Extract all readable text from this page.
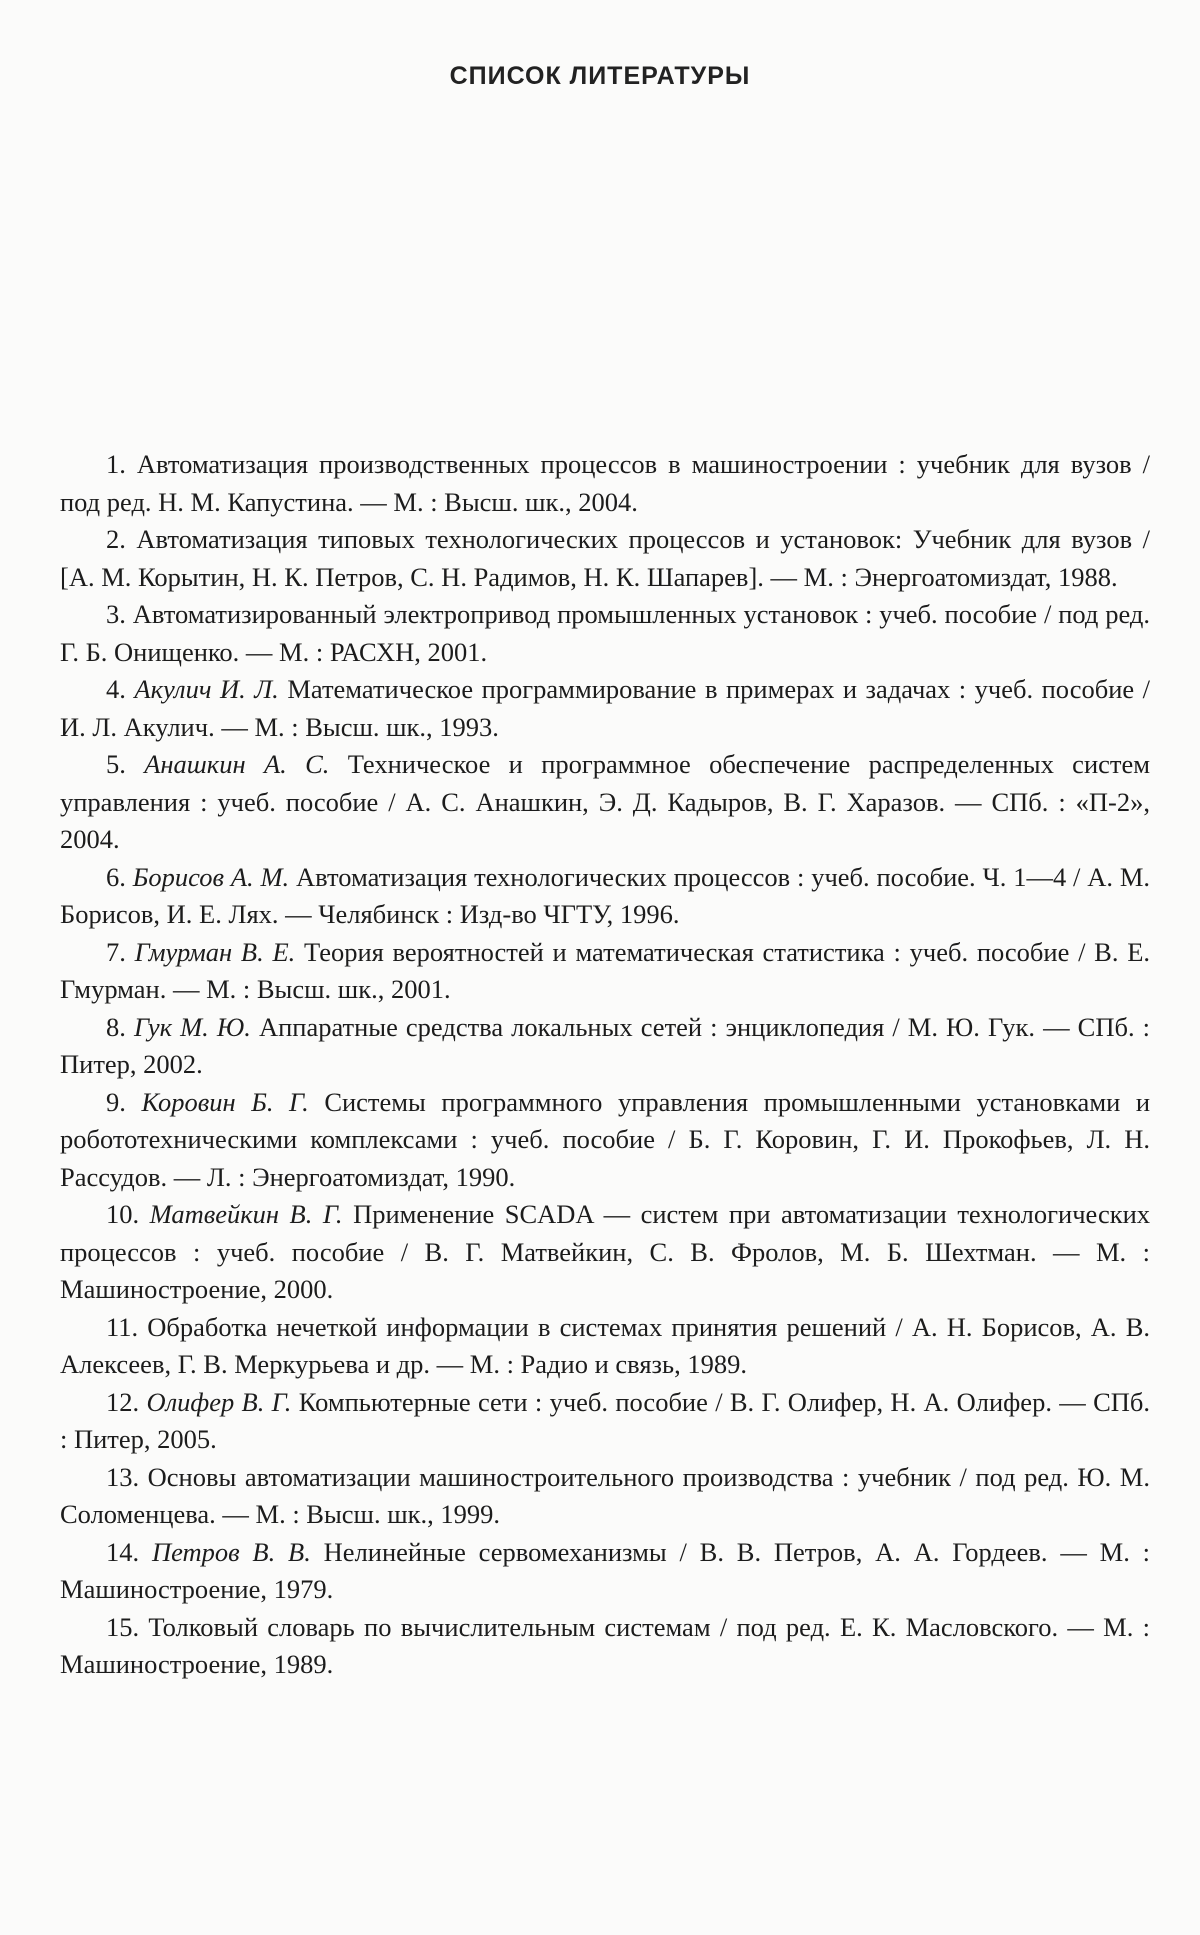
СПИСОК ЛИТЕРАТУРЫ
1. Автоматизация производственных процессов в машиностроении : учебник для вузов / под ред. Н. М. Капустина. — М. : Высш. шк., 2004.
2. Автоматизация типовых технологических процессов и установок: Учебник для вузов / [А. М. Корытин, Н. К. Петров, С. Н. Радимов, Н. К. Шапарев]. — М. : Энергоатомиздат, 1988.
3. Автоматизированный электропривод промышленных установок : учеб. пособие / под ред. Г. Б. Онищенко. — М. : РАСХН, 2001.
4. Акулич И. Л. Математическое программирование в примерах и задачах : учеб. пособие / И. Л. Акулич. — М. : Высш. шк., 1993.
5. Анашкин А. С. Техническое и программное обеспечение распределенных систем управления : учеб. пособие / А. С. Анашкин, Э. Д. Кадыров, В. Г. Харазов. — СПб. : «П-2», 2004.
6. Борисов А. М. Автоматизация технологических процессов : учеб. пособие. Ч. 1—4 / А. М. Борисов, И. Е. Лях. — Челябинск : Изд-во ЧГТУ, 1996.
7. Гмурман В. Е. Теория вероятностей и математическая статистика : учеб. пособие / В. Е. Гмурман. — М. : Высш. шк., 2001.
8. Гук М. Ю. Аппаратные средства локальных сетей : энциклопедия / М. Ю. Гук. — СПб. : Питер, 2002.
9. Коровин Б. Г. Системы программного управления промышленными установками и робототехническими комплексами : учеб. пособие / Б. Г. Коровин, Г. И. Прокофьев, Л. Н. Рассудов. — Л. : Энергоатомиздат, 1990.
10. Матвейкин В. Г. Применение SCADA — систем при автоматизации технологических процессов : учеб. пособие / В. Г. Матвейкин, С. В. Фролов, М. Б. Шехтман. — М. : Машиностроение, 2000.
11. Обработка нечеткой информации в системах принятия решений / А. Н. Борисов, А. В. Алексеев, Г. В. Меркурьева и др. — М. : Радио и связь, 1989.
12. Олифер В. Г. Компьютерные сети : учеб. пособие / В. Г. Олифер, Н. А. Олифер. — СПб. : Питер, 2005.
13. Основы автоматизации машиностроительного производства : учебник / под ред. Ю. М. Соломенцева. — М. : Высш. шк., 1999.
14. Петров В. В. Нелинейные сервомеханизмы / В. В. Петров, А. А. Гордеев. — М. : Машиностроение, 1979.
15. Толковый словарь по вычислительным системам / под ред. Е. К. Масловского. — М. : Машиностроение, 1989.
